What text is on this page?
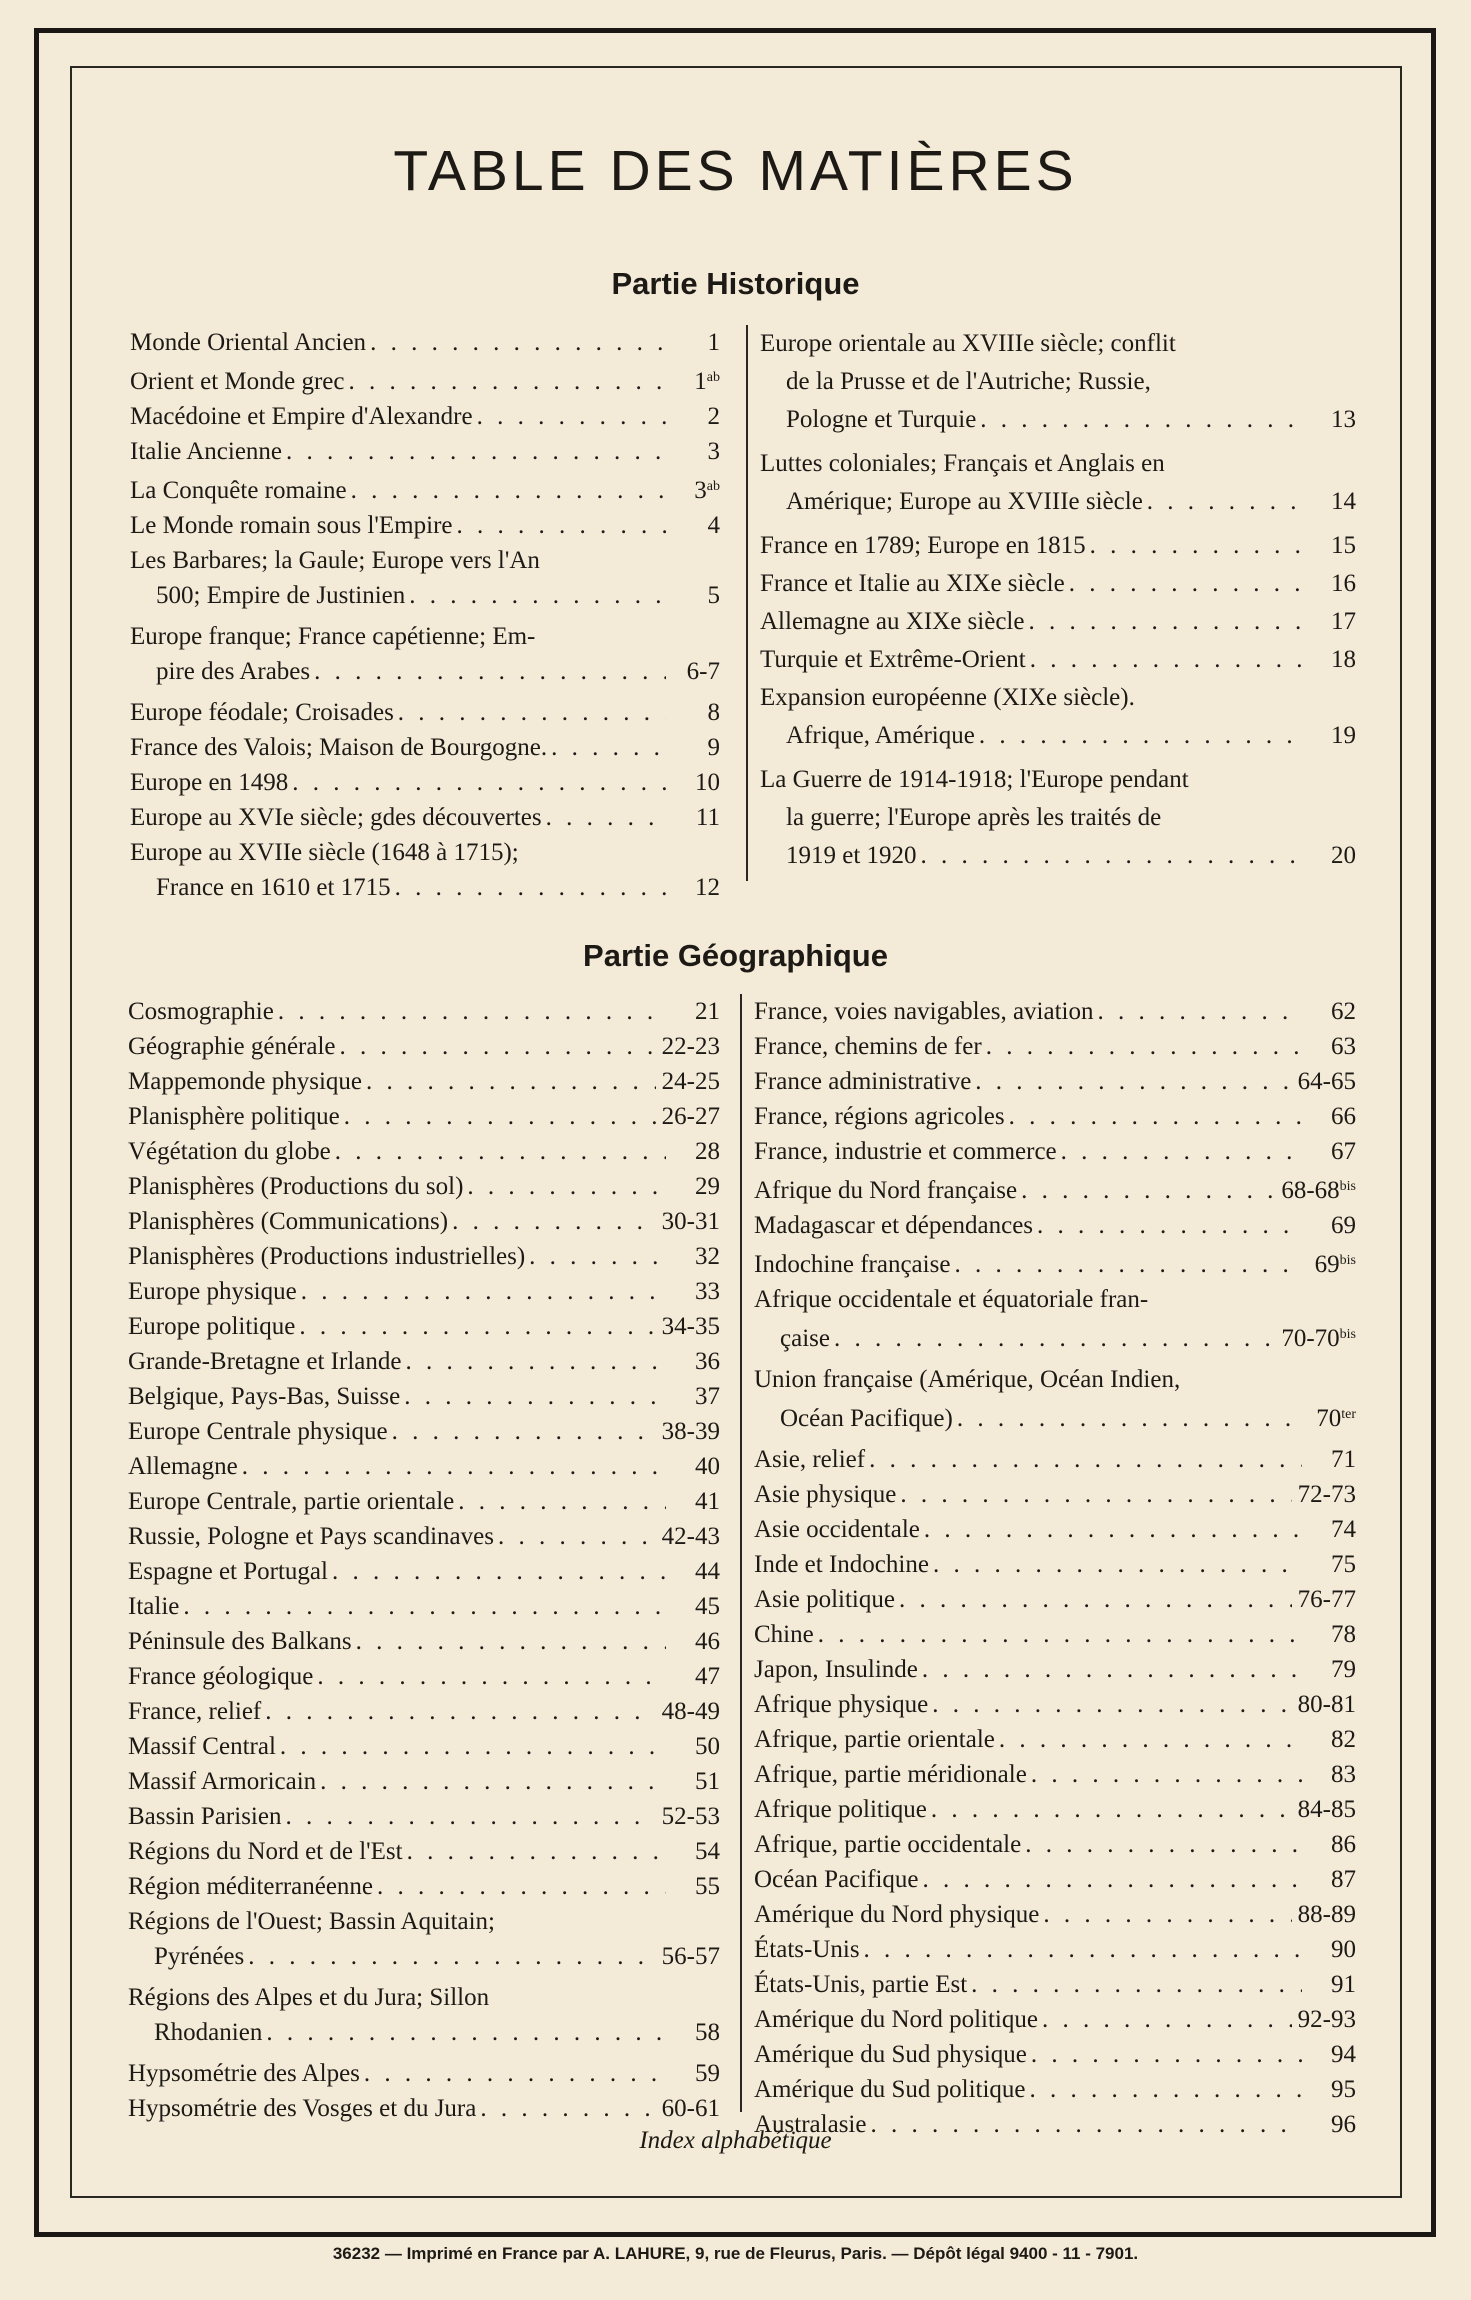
TABLE DES MATIÈRES
Partie Historique
Monde Oriental Ancien . . .	1
Orient et Monde grec . . .	$1^{ab}$
Macédoine et Empire d'Alexandre . . .	2
Italie Ancienne . . .	3
La Conquête romaine . . .	$3^{ab}$
Le Monde romain sous l'Empire . . .	4
Les Barbares; la Gaule; Europe vers l'An
500; Empire de Justinien . . .	5
Europe franque; France capétienne; Em-
pire des Arabes . . .	6-7
Europe féodale; Croisades . . .	8
France des Valois; Maison de Bourgogne. . . .	9
Europe en 1498 . . .	10
Europe au XVIe siècle; gdes découvertes . . .	11
Europe au XVIIe siècle (1648 à 1715);
France en 1610 et 1715 . . .	12
Europe orientale au XVIIIe siècle; conflit
de la Prusse et de l'Autriche; Russie,
Pologne et Turquie . . .	13
Luttes coloniales; Français et Anglais en
Amérique; Europe au XVIIIe siècle . . .	14
France en 1789; Europe en 1815 . . .	15
France et Italie au XIXe siècle . . .	16
Allemagne au XIXe siècle . . .	17
Turquie et Extrême-Orient . . .	18
Expansion européenne (XIXe siècle).
Afrique, Amérique . . .	19
La Guerre de 1914-1918; l'Europe pendant
la guerre; l'Europe après les traités de
1919 et 1920 . . .	20
Partie Géographique
Cosmographie . . .	21
Géographie générale . . .	22-23
Mappemonde physique . . .	24-25
Planisphère politique . . .	26-27
Végétation du globe . . .	28
Planisphères (Productions du sol) . . .	29
Planisphères (Communications) . . .	30-31
Planisphères (Productions industrielles) . . .	32
Europe physique . . .	33
Europe politique . . .	34-35
Grande-Bretagne et Irlande . . .	36
Belgique, Pays-Bas, Suisse . . .	37
Europe Centrale physique . . .	38-39
Allemagne . . .	40
Europe Centrale, partie orientale . . .	41
Russie, Pologne et Pays scandinaves . . .	42-43
Espagne et Portugal . . .	44
Italie . . .	45
Péninsule des Balkans . . .	46
France géologique . . .	47
France, relief . . .	48-49
Massif Central . . .	50
Massif Armoricain . . .	51
Bassin Parisien . . .	52-53
Régions du Nord et de l'Est . . .	54
Région méditerranéenne . . .	55
Régions de l'Ouest; Bassin Aquitain;
Pyrénées . . .	56-57
Régions des Alpes et du Jura; Sillon
Rhodanien . . .	58
Hypsométrie des Alpes . . .	59
Hypsométrie des Vosges et du Jura . . .	60-61
France, voies navigables, aviation . . .	62
France, chemins de fer . . .	63
France administrative . . .	64-65
France, régions agricoles . . .	66
France, industrie et commerce . . .	67
Afrique du Nord française . . .	$68-68^{bis}$
Madagascar et dépendances . . .	69
Indochine française . . .	$69^{bis}$
Afrique occidentale et équatoriale fran-
çaise . . .	$70-70^{bis}$
Union française (Amérique, Océan Indien,
Océan Pacifique) . . .	$70^{ter}$
Asie, relief . . .	71
Asie physique . . .	72-73
Asie occidentale . . .	74
Inde et Indochine . . .	75
Asie politique . . .	76-77
Chine . . .	78
Japon, Insulinde . . .	79
Afrique physique . . .	80-81
Afrique, partie orientale . . .	82
Afrique, partie méridionale . . .	83
Afrique politique . . .	84-85
Afrique, partie occidentale . . .	86
Océan Pacifique . . .	87
Amérique du Nord physique . . .	88-89
États-Unis . . .	90
États-Unis, partie Est . . .	91
Amérique du Nord politique . . .	92-93
Amérique du Sud physique . . .	94
Amérique du Sud politique . . .	95
Australasie . . .	96
Index alphabétique
36232 — Imprimé en France par A. LAHURE, 9, rue de Fleurus, Paris. — Dépôt légal 9400 - 11 - 7901.
